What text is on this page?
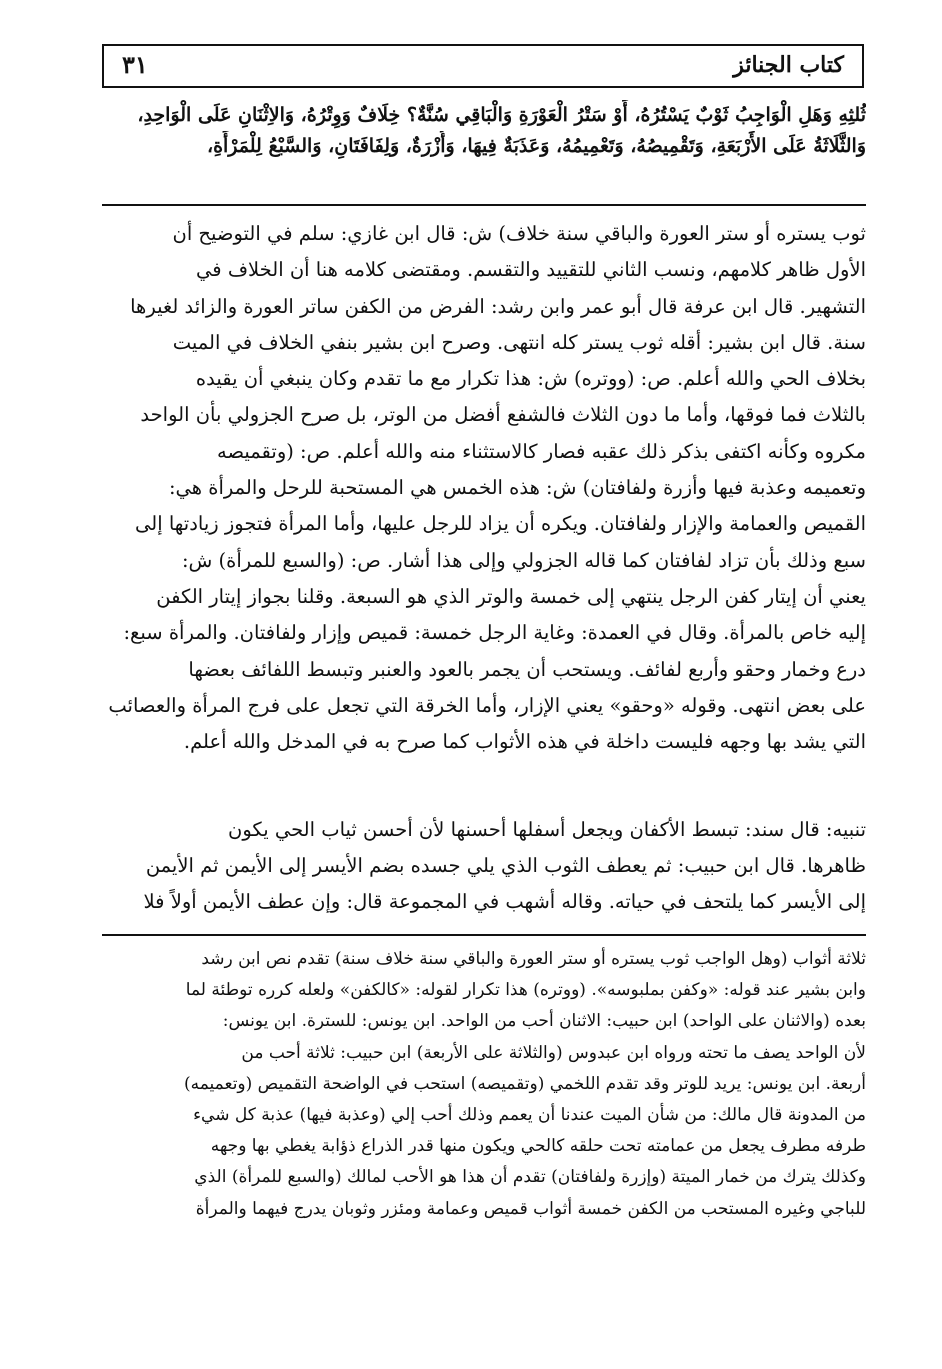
كتاب الجنائز
٣١
ثُلثِهِ وَهَلِ الْوَاجِبُ ثَوْبٌ يَسْتُرُهُ، أَوْ سَتْرُ الْعَوْرَةِ وَالْبَاقِي سُنَّةٌ؟ خِلَافٌ وَوِتْرُهُ، وَالاِثْنَانِ عَلَى الْوَاحِدِ،
وَالثَّلَاثَةُ عَلَى الأَرْبَعَةِ، وَتَقْمِيصُهُ، وَتَعْمِيمُهُ، وَعَذَبَةٌ فِيهَا، وَأُزْرَةٌ، وَلِفَافَتَانِ، وَالسَّبْعُ لِلْمَرْأَةِ،
ثوب يستره أو ستر العورة والباقي سنة خلاف) ش: قال ابن غازي: سلم في التوضيح أن
الأول ظاهر كلامهم، ونسب الثاني للتقييد والتقسم. ومقتضى كلامه هنا أن الخلاف في
التشهير. قال ابن عرفة قال أبو عمر وابن رشد: الفرض من الكفن ساتر العورة والزائد لغيرها
سنة. قال ابن بشير: أقله ثوب يستر كله انتهى. وصرح ابن بشير بنفي الخلاف في الميت
بخلاف الحي والله أعلم. ص: (ووتره) ش: هذا تكرار مع ما تقدم وكان ينبغي أن يقيده
بالثلاث فما فوقها، وأما ما دون الثلاث فالشفع أفضل من الوتر، بل صرح الجزولي بأن الواحد
مكروه وكأنه اكتفى بذكر ذلك عقبه فصار كالاستثناء منه والله أعلم. ص: (وتقميصه
وتعميمه وعذبة فيها وأزرة ولفافتان) ش: هذه الخمس هي المستحبة للرحل والمرأة هي:
القميص والعمامة والإزار ولفافتان. ويكره أن يزاد للرجل عليها، وأما المرأة فتجوز زيادتها إلى
سبع وذلك بأن تزاد لفافتان كما قاله الجزولي وإلى هذا أشار. ص: (والسبع للمرأة) ش:
يعني أن إيتار كفن الرجل ينتهي إلى خمسة والوتر الذي هو السبعة. وقلنا بجواز إيتار الكفن
إليه خاص بالمرأة. وقال في العمدة: وغاية الرجل خمسة: قميص وإزار ولفافتان. والمرأة سبع:
درع وخمار وحقو وأربع لفائف. ويستحب أن يجمر بالعود والعنبر وتبسط اللفائف بعضها
على بعض انتهى. وقوله «وحقو» يعني الإزار، وأما الخرقة التي تجعل على فرج المرأة والعصائب
التي يشد بها وجهه فليست داخلة في هذه الأثواب كما صرح به في المدخل والله أعلم.
تنبيه: قال سند: تبسط الأكفان ويجعل أسفلها أحسنها لأن أحسن ثياب الحي يكون
ظاهرها. قال ابن حبيب: ثم يعطف الثوب الذي يلي جسده بضم الأيسر إلى الأيمن ثم الأيمن
إلى الأيسر كما يلتحف في حياته. وقاله أشهب في المجموعة قال: وإن عطف الأيمن أولاً فلا
ثلاثة أثواب (وهل الواجب ثوب يستره أو ستر العورة والباقي سنة خلاف سنة) تقدم نص ابن رشد
وابن بشير عند قوله: «وكفن بملبوسه». (ووتره) هذا تكرار لقوله: «كالكفن» ولعله كرره توطئة لما
بعده (والاثنان على الواحد) ابن حبيب: الاثنان أحب من الواحد. ابن يونس: للسترة. ابن يونس:
لأن الواحد يصف ما تحته ورواه ابن عبدوس (والثلاثة على الأربعة) ابن حبيب: ثلاثة أحب من
أربعة. ابن يونس: يريد للوتر وقد تقدم اللخمي (وتقميصه) استحب في الواضحة التقميص (وتعميمه)
من المدونة قال مالك: من شأن الميت عندنا أن يعمم وذلك أحب إلي (وعذبة فيها) عذبة كل شيء
طرفه مطرف يجعل من عمامته تحت حلقه كالحي ويكون منها قدر الذراع ذؤابة يغطي بها وجهه
وكذلك يترك من خمار الميتة (وإزرة ولفافتان) تقدم أن هذا هو الأحب لمالك (والسبع للمرأة) الذي
للباجي وغيره المستحب من الكفن خمسة أثواب قميص وعمامة ومئزر وثوبان يدرج فيهما والمرأة
